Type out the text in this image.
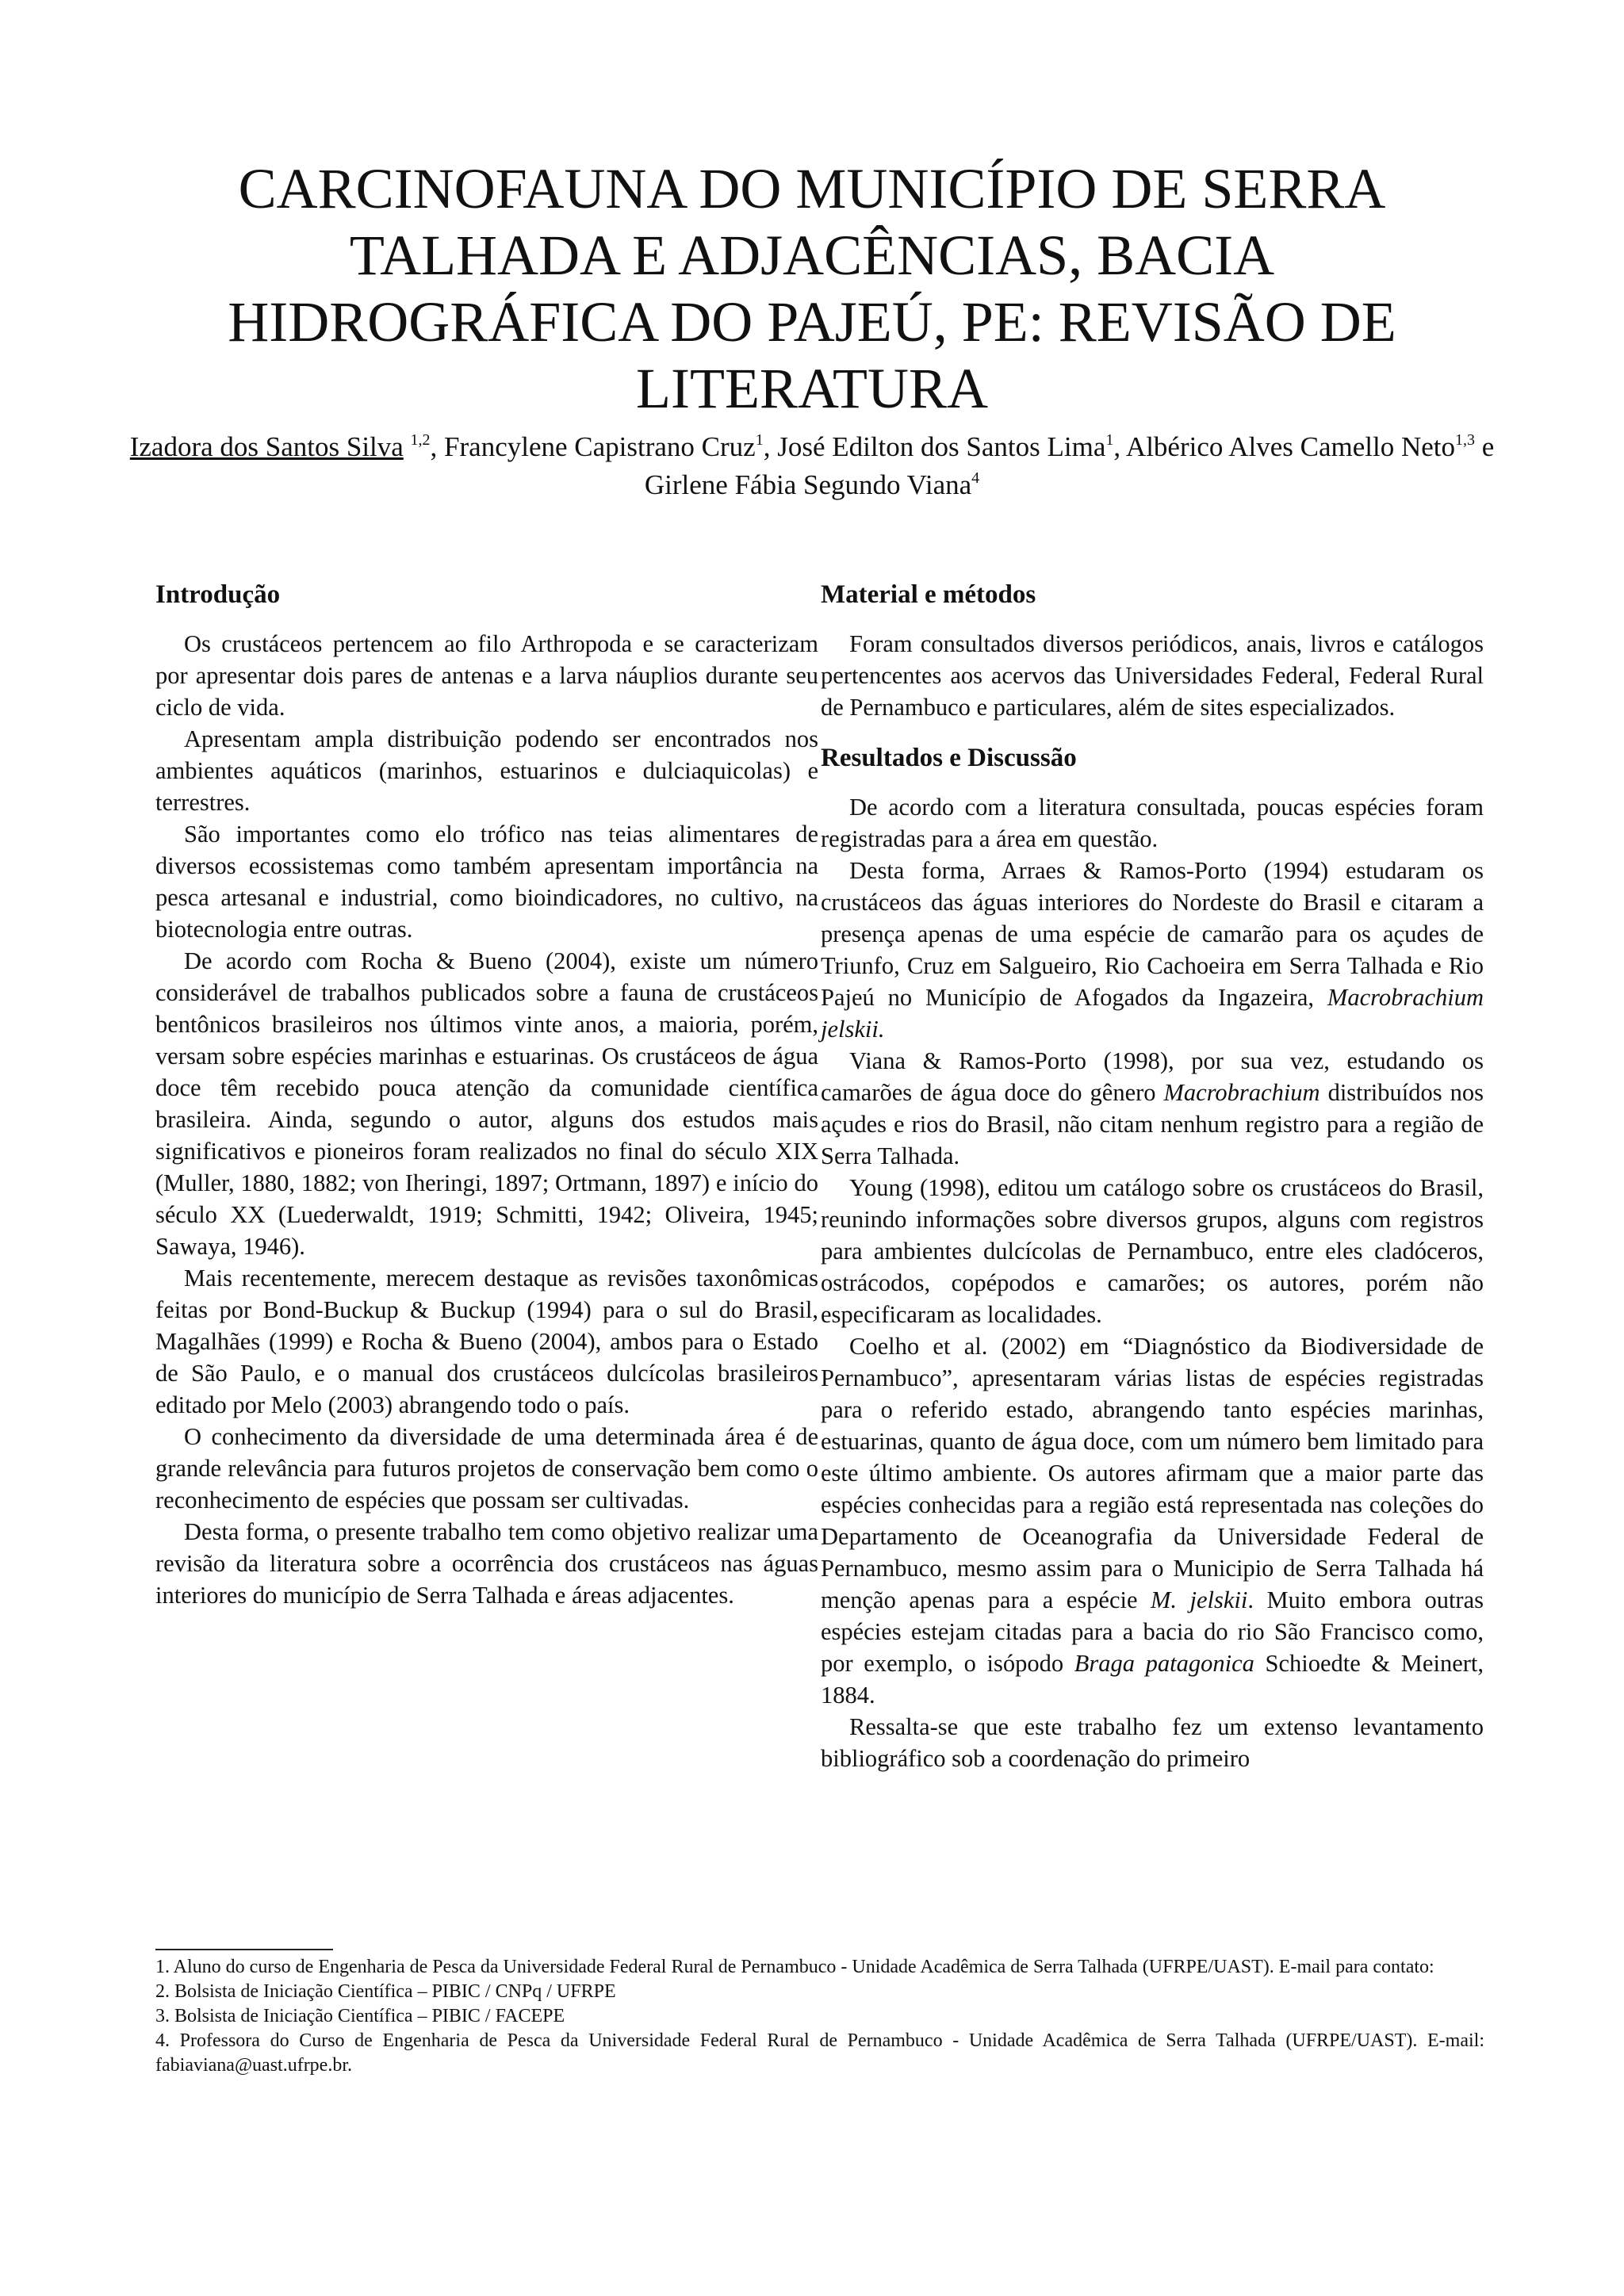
CARCINOFAUNA DO MUNICÍPIO DE SERRA
TALHADA E ADJACÊNCIAS, BACIA
HIDROGRÁFICA DO PAJEÚ, PE: REVISÃO DE
LITERATURA
Izadora dos Santos Silva $^{1,2}$, Francylene Capistrano Cruz$^1$, José Edilton dos Santos Lima$^1$, Albérico Alves Camello Neto$^{1,3}$ e Girlene Fábia Segundo Viana$^4$
Introdução

Os crustáceos pertencem ao filo Arthropoda e se caracterizam por apresentar dois pares de antenas e a larva náuplios durante seu ciclo de vida.

Apresentam ampla distribuição podendo ser encontrados nos ambientes aquáticos (marinhos, estuarinos e dulciaquicolas) e terrestres.

São importantes como elo trófico nas teias alimentares de diversos ecossistemas como também apresentam importância na pesca artesanal e industrial, como bioindicadores, no cultivo, na biotecnologia entre outras.

De acordo com Rocha & Bueno (2004), existe um número considerável de trabalhos publicados sobre a fauna de crustáceos bentônicos brasileiros nos últimos vinte anos, a maioria, porém, versam sobre espécies marinhas e estuarinas. Os crustáceos de água doce têm recebido pouca atenção da comunidade científica brasileira. Ainda, segundo o autor, alguns dos estudos mais significativos e pioneiros foram realizados no final do século XIX (Muller, 1880, 1882; von Iheringi, 1897; Ortmann, 1897) e início do século XX (Luederwaldt, 1919; Schmitti, 1942; Oliveira, 1945; Sawaya, 1946).

Mais recentemente, merecem destaque as revisões taxonômicas feitas por Bond-Buckup & Buckup (1994) para o sul do Brasil, Magalhães (1999) e Rocha & Bueno (2004), ambos para o Estado de São Paulo, e o manual dos crustáceos dulcícolas brasileiros editado por Melo (2003) abrangendo todo o país.

O conhecimento da diversidade de uma determinada área é de grande relevância para futuros projetos de conservação bem como o reconhecimento de espécies que possam ser cultivadas.

Desta forma, o presente trabalho tem como objetivo realizar uma revisão da literatura sobre a ocorrência dos crustáceos nas águas interiores do município de Serra Talhada e áreas adjacentes.

Material e métodos

Foram consultados diversos periódicos, anais, livros e catálogos pertencentes aos acervos das Universidades Federal, Federal Rural de Pernambuco e particulares, além de sites especializados.

Resultados e Discussão

De acordo com a literatura consultada, poucas espécies foram registradas para a área em questão.

Desta forma, Arraes & Ramos-Porto (1994) estudaram os crustáceos das águas interiores do Nordeste do Brasil e citaram a presença apenas de uma espécie de camarão para os açudes de Triunfo, Cruz em Salgueiro, Rio Cachoeira em Serra Talhada e Rio Pajeú no Município de Afogados da Ingazeira, Macrobrachium jelskii.

Viana & Ramos-Porto (1998), por sua vez, estudando os camarões de água doce do gênero Macrobrachium distribuídos nos açudes e rios do Brasil, não citam nenhum registro para a região de Serra Talhada.

Young (1998), editou um catálogo sobre os crustáceos do Brasil, reunindo informações sobre diversos grupos, alguns com registros para ambientes dulcícolas de Pernambuco, entre eles cladóceros, ostrácodos, copépodos e camarões; os autores, porém não especificaram as localidades.

Coelho et al. (2002) em “Diagnóstico da Biodiversidade de Pernambuco”, apresentaram várias listas de espécies registradas para o referido estado, abrangendo tanto espécies marinhas, estuarinas, quanto de água doce, com um número bem limitado para este último ambiente. Os autores afirmam que a maior parte das espécies conhecidas para a região está representada nas coleções do Departamento de Oceanografia da Universidade Federal de Pernambuco, mesmo assim para o Municipio de Serra Talhada há menção apenas para a espécie M. jelskii. Muito embora outras espécies estejam citadas para a bacia do rio São Francisco como, por exemplo, o isópodo Braga patagonica Schioedte & Meinert, 1884.

Ressalta-se que este trabalho fez um extenso levantamento bibliográfico sob a coordenação do primeiro

1. Aluno do curso de Engenharia de Pesca da Universidade Federal Rural de Pernambuco - Unidade Acadêmica de Serra Talhada (UFRPE/UAST). E-mail para contato:

2. Bolsista de Iniciação Científica – PIBIC / CNPq / UFRPE

3. Bolsista de Iniciação Científica – PIBIC / FACEPE

4. Professora do Curso de Engenharia de Pesca da Universidade Federal Rural de Pernambuco - Unidade Acadêmica de Serra Talhada (UFRPE/UAST). E-mail: fabiaviana@uast.ufrpe.br.
